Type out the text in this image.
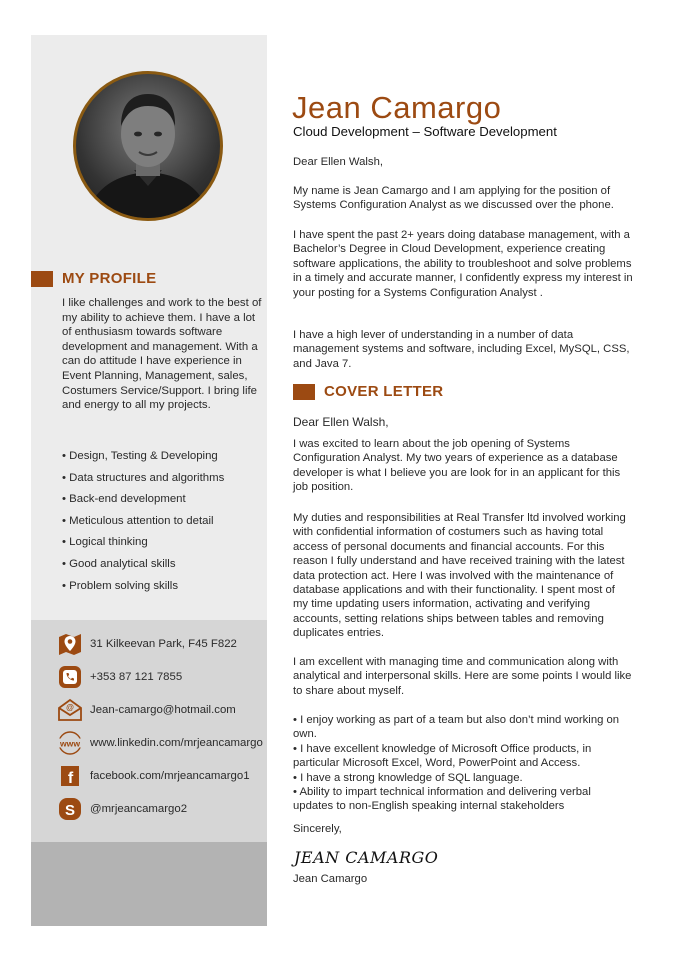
MY PROFILE
I like challenges and work to the best of my ability to achieve them. I have a lot of enthusiasm towards software development and management. With a can do attitude I have experience in Event Planning, Management, sales, Costumers Service/Support. I bring life and energy to all my projects.
• Design, Testing & Developing
• Data structures and algorithms
• Back-end development
• Meticulous attention to detail
• Logical thinking
• Good analytical skills
• Problem solving skills
31 Kilkeevan Park, F45 F822
+353 87 121 7855
@ Jean-camargo@hotmail.com
www www.linkedin.com/mrjeancamargo
f facebook.com/mrjeancamargo1
S @mrjeancamargo2
Jean Camargo
Cloud Development – Software Development

Dear Ellen Walsh,

My name is Jean Camargo and I am applying for the position of Systems Configuration Analyst as we discussed over the phone.

I have spent the past 2+ years doing database management, with a Bachelor’s Degree in Cloud Development, experience creating software applications, the ability to troubleshoot and solve problems in a timely and accurate manner, I confidently express my interest in your posting for a Systems Configuration Analyst .

I have a high lever of understanding in a number of data management systems and software, including Excel, MySQL, CSS, and Java 7.

COVER LETTER

Dear Ellen Walsh,

I was excited to learn about the job opening of Systems Configuration Analyst. My two years of experience as a database developer is what I believe you are look for in an applicant for this job position.

My duties and responsibilities at Real Transfer ltd involved working with confidential information of costumers such as having total access of personal documents and financial accounts. For this reason I fully understand and have received training with the latest data protection act. Here I was involved with the maintenance of database applications and with their functionality. I spent most of my time updating users information, activating and verifying accounts, setting relations ships between tables and removing duplicates entries.

I am excellent with managing time and communication along with analytical and interpersonal skills. Here are some points I would like to share about myself.

• I enjoy working as part of a team but also don’t mind working on own.

• I have excellent knowledge of Microsoft Office products, in particular Microsoft Excel, Word, PowerPoint and Access.

• I have a strong knowledge of SQL language.

• Ability to impart technical information and delivering verbal updates to non-English speaking internal stakeholders

Sincerely,

JEAN CAMARGO

Jean Camargo
